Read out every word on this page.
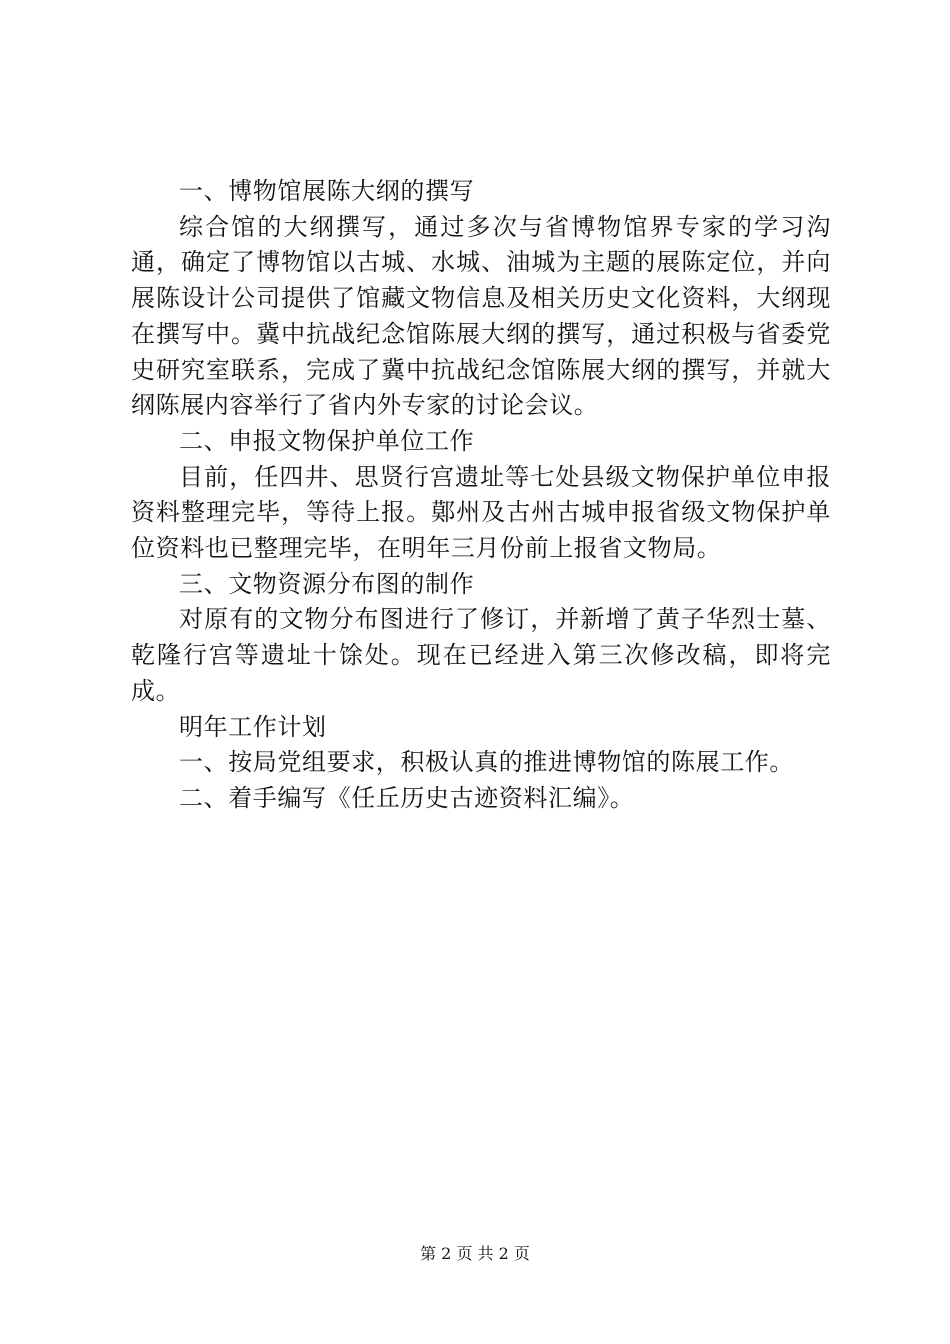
一、博物馆展陈大纲的撰写

综合馆的大纲撰写，通过多次与省博物馆界专家的学习沟通，确定了博物馆以古城、水城、油城为主题的展陈定位，并向展陈设计公司提供了馆藏文物信息及相关历史文化资料，大纲现在撰写中。冀中抗战纪念馆陈展大纲的撰写，通过积极与省委党史研究室联系，完成了冀中抗战纪念馆陈展大纲的撰写，并就大纲陈展内容举行了省内外专家的讨论会议。

二、申报文物保护单位工作

目前，任四井、思贤行宫遗址等七处县级文物保护单位申报资料整理完毕，等待上报。鄚州及古州古城申报省级文物保护单位资料也已整理完毕，在明年三月份前上报省文物局。

三、文物资源分布图的制作

对原有的文物分布图进行了修订，并新增了黄子华烈士墓、乾隆行宫等遗址十馀处。现在已经进入第三次修改稿，即将完成。

明年工作计划

一、按局党组要求，积极认真的推进博物馆的陈展工作。

二、着手编写《任丘历史古迹资料汇编》。

第 2 页 共 2 页
